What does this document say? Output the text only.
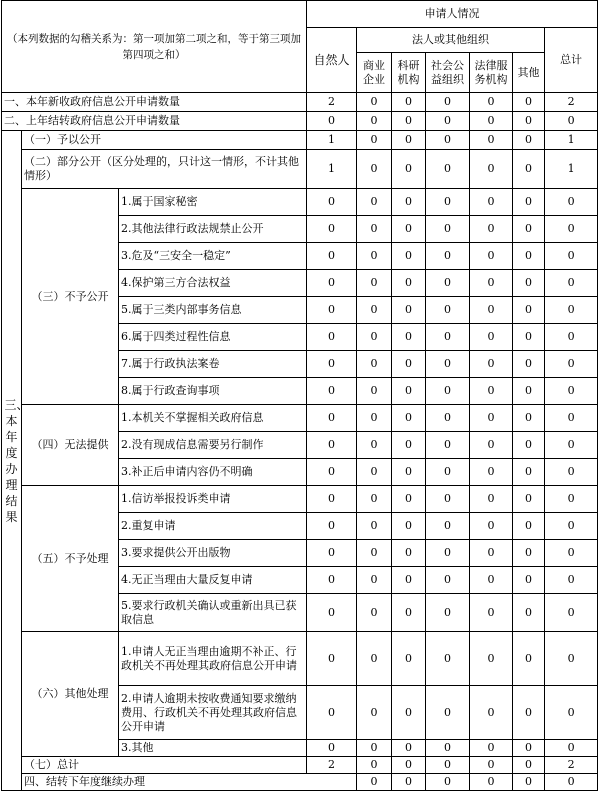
（本列数据的勾稽关系为：第一项加第二项之和，等于第三项加第四项之和）			申请人情况							
			自然人	法人或其他组织					总计	
				商业企业	科研机构	社会公益组织	法律服务机构	其他		
一、本年新收政府信息公开申请数量			2	0	0	0	0	0	2	
二、上年结转政府信息公开申请数量			0	0	0	0	0	0	0	

三、本年度办理结果	（一）予以公开		1	0	0	0	0	0	1	
	（二）部分公开（区分处理的，只计这一情形，不计其他情形）		1	0	0	0	0	0	1	
	（三）不予公开	1.属于国家秘密	0	0	0	0	0	0	0	
		2.其他法律行政法规禁止公开	0	0	0	0	0	0	0	
		3.危及“三安全一稳定”	0	0	0	0	0	0	0	
		4.保护第三方合法权益	0	0	0	0	0	0	0	
		5.属于三类内部事务信息	0	0	0	0	0	0	0	
		6.属于四类过程性信息	0	0	0	0	0	0	0	
		7.属于行政执法案卷	0	0	0	0	0	0	0	
		8.属于行政查询事项	0	0	0	0	0	0	0	
	（四）无法提供	1.本机关不掌握相关政府信息	0	0	0	0	0	0	0	
		2.没有现成信息需要另行制作	0	0	0	0	0	0	0	
		3.补正后申请内容仍不明确	0	0	0	0	0	0	0	
	（五）不予处理	1.信访举报投诉类申请	0	0	0	0	0	0	0	
		2.重复申请	0	0	0	0	0	0	0	
		3.要求提供公开出版物	0	0	0	0	0	0	0	
		4.无正当理由大量反复申请	0	0	0	0	0	0	0	
		5.要求行政机关确认或重新出具已获取信息	0	0	0	0	0	0	0	
	（六）其他处理	1.申请人无正当理由逾期不补正、行政机关不再处理其政府信息公开申请	0	0	0	0	0	0	0	
		2.申请人逾期未按收费通知要求缴纳费用、行政机关不再处理其政府信息公开申请	0	0	0	0	0	0	0	
		3.其他	0	0	0	0	0	0	0	
	（七）总计		2	0	0	0	0	0	2	
	四、结转下年度继续办理			0	0	0	0	0	0	
